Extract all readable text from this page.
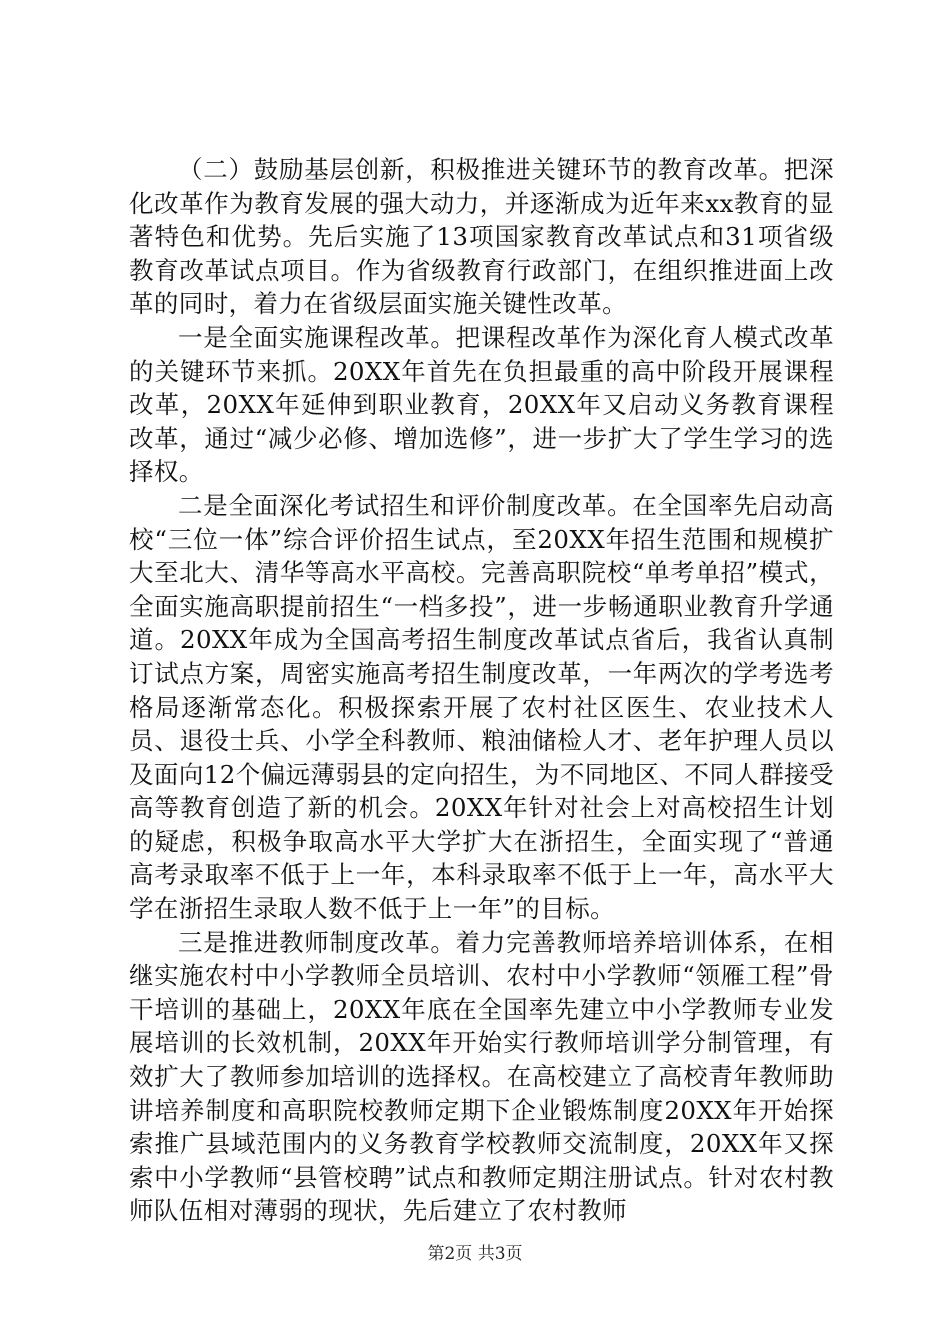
（二）鼓励基层创新，积极推进关键环节的教育改革。把深化改革作为教育发展的强大动力，并逐渐成为近年来xx教育的显著特色和优势。先后实施了13项国家教育改革试点和31项省级教育改革试点项目。作为省级教育行政部门，在组织推进面上改革的同时，着力在省级层面实施关键性改革。

一是全面实施课程改革。把课程改革作为深化育人模式改革的关键环节来抓。20XX年首先在负担最重的高中阶段开展课程改革，20XX年延伸到职业教育，20XX年又启动义务教育课程改革，通过“减少必修、增加选修”，进一步扩大了学生学习的选择权。

二是全面深化考试招生和评价制度改革。在全国率先启动高校“三位一体”综合评价招生试点，至20XX年招生范围和规模扩大至北大、清华等高水平高校。完善高职院校“单考单招”模式，全面实施高职提前招生“一档多投”，进一步畅通职业教育升学通道。20XX年成为全国高考招生制度改革试点省后，我省认真制订试点方案，周密实施高考招生制度改革，一年两次的学考选考格局逐渐常态化。积极探索开展了农村社区医生、农业技术人员、退役士兵、小学全科教师、粮油储检人才、老年护理人员以及面向12个偏远薄弱县的定向招生，为不同地区、不同人群接受高等教育创造了新的机会。20XX年针对社会上对高校招生计划的疑虑，积极争取高水平大学扩大在浙招生，全面实现了“普通高考录取率不低于上一年，本科录取率不低于上一年，高水平大学在浙招生录取人数不低于上一年”的目标。

三是推进教师制度改革。着力完善教师培养培训体系，在相继实施农村中小学教师全员培训、农村中小学教师“领雁工程”骨干培训的基础上，20XX年底在全国率先建立中小学教师专业发展培训的长效机制，20XX年开始实行教师培训学分制管理，有效扩大了教师参加培训的选择权。在高校建立了高校青年教师助讲培养制度和高职院校教师定期下企业锻炼制度20XX年开始探索推广县域范围内的义务教育学校教师交流制度，20XX年又探索中小学教师“县管校聘”试点和教师定期注册试点。针对农村教师队伍相对薄弱的现状，先后建立了农村教师

第2页 共3页
